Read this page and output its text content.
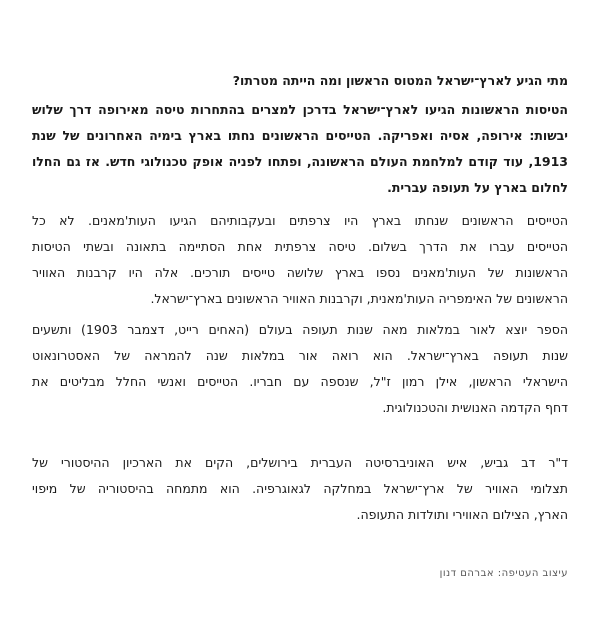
מתי הגיע לארץ־ישראל המטוס הראשון ומה הייתה מטרתו?
הטיסות הראשונות הגיעו לארץ־ישראל בדרכן למצרים בהתחרות טיסה מאירופה דרך שלוש
יבשות: אירופה, אסיה ואפריקה. הטייסים הראשונים נחתו בארץ בימיה האחרונים של שנת
1913, עוד קודם למלחמת העולם הראשונה, ופתחו לפניה אופק טכנולוגי חדש. אז גם החלו
לחלום בארץ על תעופה עברית.
הטייסים הראשונים שנחתו בארץ היו צרפתים ובעקבותיהם הגיעו העות'מאנים. לא כל
הטייסים עברו את הדרך בשלום. טיסה צרפתית אחת הסתיימה בתאונה ובשתי הטיסות
הראשונות של העות'מאנים נספו בארץ שלושה טייסים תורכים. אלה היו קרבנות האוויר
הראשונים של האימפריה העות'מאנית, וקרבנות האוויר הראשונים בארץ־ישראל.
הספר יוצא לאור במלאות מאה שנות תעופה בעולם (האחים רייט, דצמבר 1903) ותשעים
שנות תעופה בארץ־ישראל. הוא רואה אור במלאות שנה להמראה של האסטרונאוט
הישראלי הראשון, אילן רמון ז"ל, שנספה עם חבריו. הטייסים ואנשי החלל מבליטים את
דחף הקדמה האנושית והטכנולוגית.
ד"ר דב גביש, איש האוניברסיטה העברית בירושלים, הקים את הארכיון ההיסטורי של
תצלומי האוויר של ארץ־ישראל במחלקה לגאוגרפיה. הוא מתמחה בהיסטוריה של מיפוי
הארץ, הצילום האווירי ותולדות התעופה.
עיצוב העטיפה: אברהם דנון
